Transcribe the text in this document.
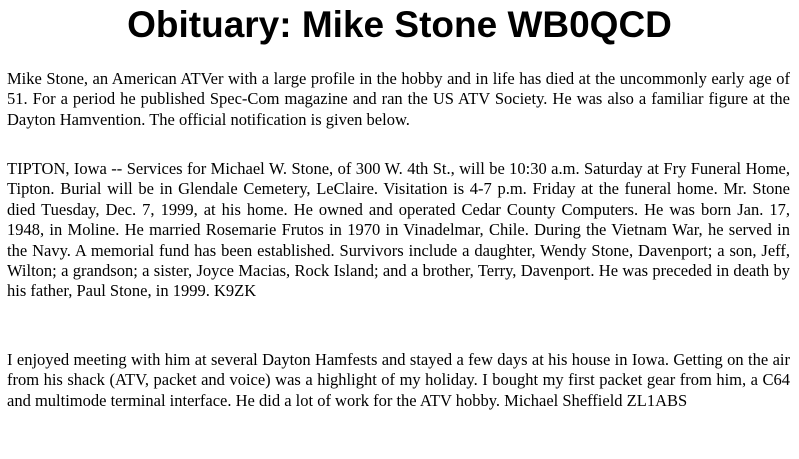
Obituary: Mike Stone WB0QCD

Mike Stone, an American ATVer with a large profile in the hobby and in life has died at the uncommonly early age of 51. For a period he published Spec-Com magazine and ran the US ATV Society. He was also a familiar figure at the Dayton Hamvention. The official notification is given below.

TIPTON, Iowa -- Services for Michael W. Stone, of 300 W. 4th St., will be 10:30 a.m. Saturday at Fry Funeral Home, Tipton. Burial will be in Glendale Cemetery, LeClaire. Visitation is 4-7 p.m. Friday at the funeral home. Mr. Stone died Tuesday, Dec. 7, 1999, at his home. He owned and operated Cedar County Computers. He was born Jan. 17, 1948, in Moline. He married Rosemarie Frutos in 1970 in Vinadelmar, Chile. During the Vietnam War, he served in the Navy. A memorial fund has been established. Survivors include a daughter, Wendy Stone, Davenport; a son, Jeff, Wilton; a grandson; a sister, Joyce Macias, Rock Island; and a brother, Terry, Davenport. He was preceded in death by his father, Paul Stone, in 1999. K9ZK

I enjoyed meeting with him at several Dayton Hamfests and stayed a few days at his house in Iowa. Getting on the air from his shack (ATV, packet and voice) was a highlight of my holiday. I bought my first packet gear from him, a C64 and multimode terminal interface. He did a lot of work for the ATV hobby. Michael Sheffield ZL1ABS
